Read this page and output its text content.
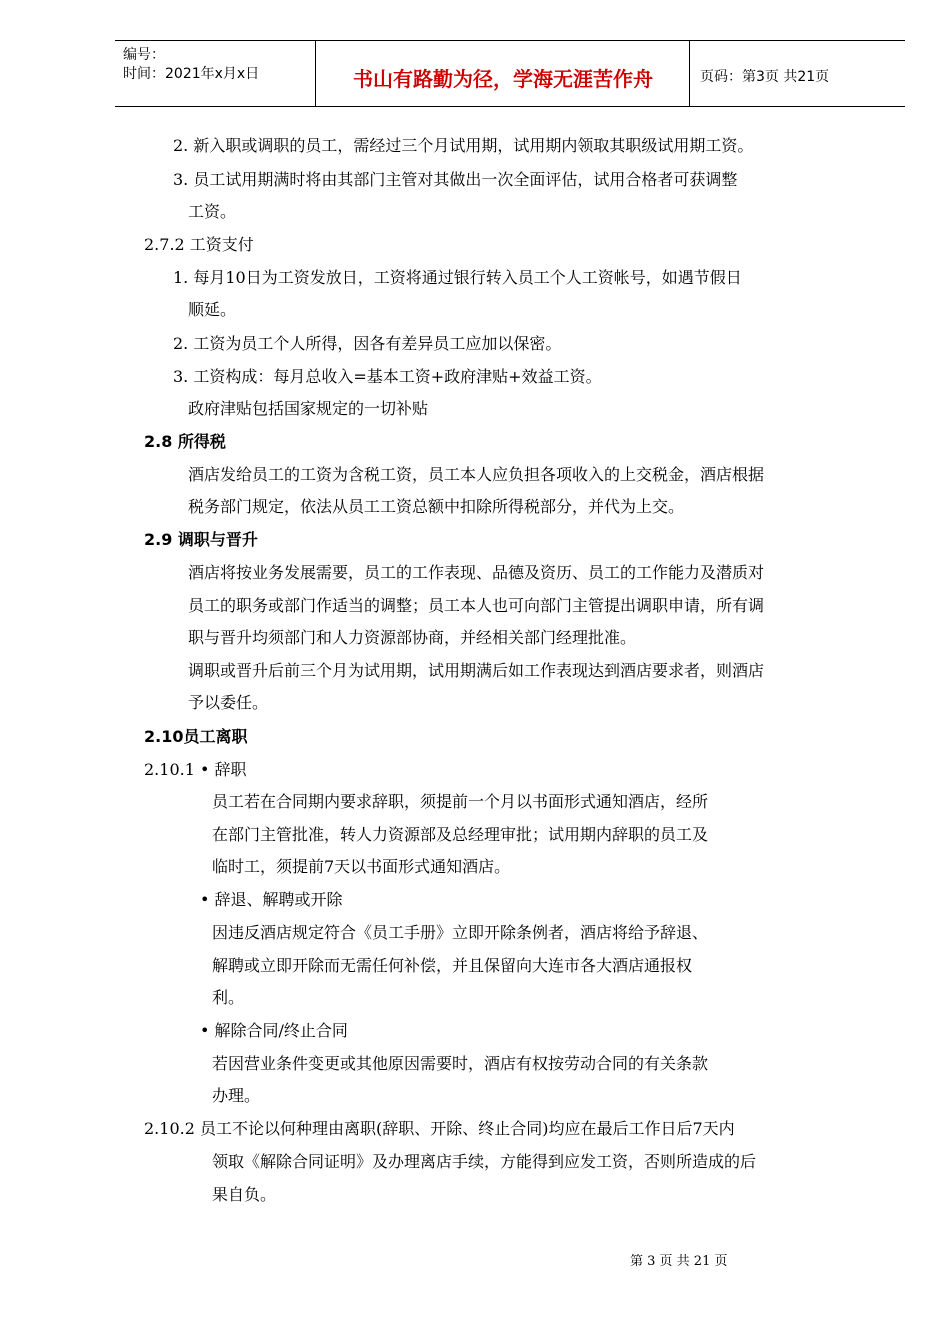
编号：
时间：2021年x月x日	书山有路勤为径，学海无涯苦作舟	页码：第3页 共21页
2. 新入职或调职的员工，需经过三个月试用期，试用期内领取其职级试用期工资。
3. 员工试用期满时将由其部门主管对其做出一次全面评估，试用合格者可获调整
工资。
2.7.2 工资支付
1. 每月10日为工资发放日，工资将通过银行转入员工个人工资帐号，如遇节假日
顺延。
2. 工资为员工个人所得，因各有差异员工应加以保密。
3. 工资构成：每月总收入=基本工资+政府津贴+效益工资。
政府津贴包括国家规定的一切补贴
2.8 所得税
酒店发给员工的工资为含税工资，员工本人应负担各项收入的上交税金，酒店根据
税务部门规定，依法从员工工资总额中扣除所得税部分，并代为上交。
2.9 调职与晋升
酒店将按业务发展需要，员工的工作表现、品德及资历、员工的工作能力及潜质对
员工的职务或部门作适当的调整；员工本人也可向部门主管提出调职申请，所有调
职与晋升均须部门和人力资源部协商，并经相关部门经理批准。
调职或晋升后前三个月为试用期，试用期满后如工作表现达到酒店要求者，则酒店
予以委任。
2.10员工离职
2.10.1 • 辞职
员工若在合同期内要求辞职，须提前一个月以书面形式通知酒店，经所
在部门主管批准，转人力资源部及总经理审批；试用期内辞职的员工及
临时工，须提前7天以书面形式通知酒店。
• 辞退、解聘或开除
因违反酒店规定符合《员工手册》立即开除条例者，酒店将给予辞退、
解聘或立即开除而无需任何补偿，并且保留向大连市各大酒店通报权
利。
• 解除合同/终止合同
若因营业条件变更或其他原因需要时，酒店有权按劳动合同的有关条款
办理。
2.10.2 员工不论以何种理由离职(辞职、开除、终止合同)均应在最后工作日后7天内
领取《解除合同证明》及办理离店手续，方能得到应发工资，否则所造成的后
果自负。
第 3 页 共 21 页
